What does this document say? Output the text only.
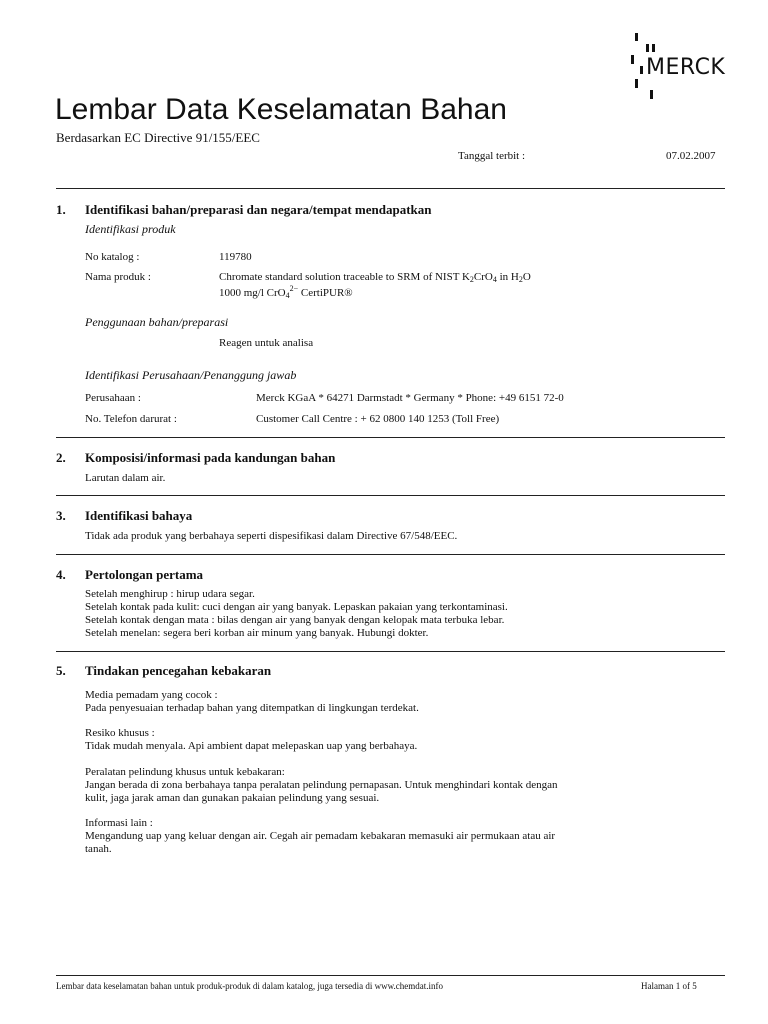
MERCK
Lembar Data Keselamatan Bahan
Berdasarkan EC Directive 91/155/EEC
Tanggal terbit :	07.02.2007
1. Identifikasi bahan/preparasi dan negara/tempat mendapatkan
Identifikasi produk
No katalog :	119780
Nama produk :	Chromate standard solution traceable to SRM of NIST $K_2CrO_4$ in $H_2O$
1000 mg/l CrO$_4^{2-}$ CertiPUR®
Penggunaan bahan/preparasi
Reagen untuk analisa
Identifikasi Perusahaan/Penanggung jawab
Perusahaan :	Merck KGaA * 64271 Darmstadt * Germany * Phone: +49 6151 72-0
No. Telefon darurat :	Customer Call Centre : + 62 0800 140 1253 (Toll Free)
2. Komposisi/informasi pada kandungan bahan
Larutan dalam air.
3. Identifikasi bahaya
Tidak ada produk yang berbahaya seperti dispesifikasi dalam Directive 67/548/EEC.
4. Pertolongan pertama
Setelah menghirup : hirup udara segar.
Setelah kontak pada kulit: cuci dengan air yang banyak. Lepaskan pakaian yang terkontaminasi.
Setelah kontak dengan mata : bilas dengan air yang banyak dengan kelopak mata terbuka lebar.
Setelah menelan: segera beri korban air minum yang banyak. Hubungi dokter.
5. Tindakan pencegahan kebakaran
Media pemadam yang cocok :
Pada penyesuaian terhadap bahan yang ditempatkan di lingkungan terdekat.
Resiko khusus :
Tidak mudah menyala. Api ambient dapat melepaskan uap yang berbahaya.
Peralatan pelindung khusus untuk kebakaran:
Jangan berada di zona berbahaya tanpa peralatan pelindung pernapasan. Untuk menghindari kontak dengan
kulit, jaga jarak aman dan gunakan pakaian pelindung yang sesuai.
Informasi lain :
Mengandung uap yang keluar dengan air. Cegah air pemadam kebakaran memasuki air permukaan atau air
tanah.
Lembar data keselamatan bahan untuk produk-produk di dalam katalog, juga tersedia di www.chemdat.info	Halaman 1 of 5
